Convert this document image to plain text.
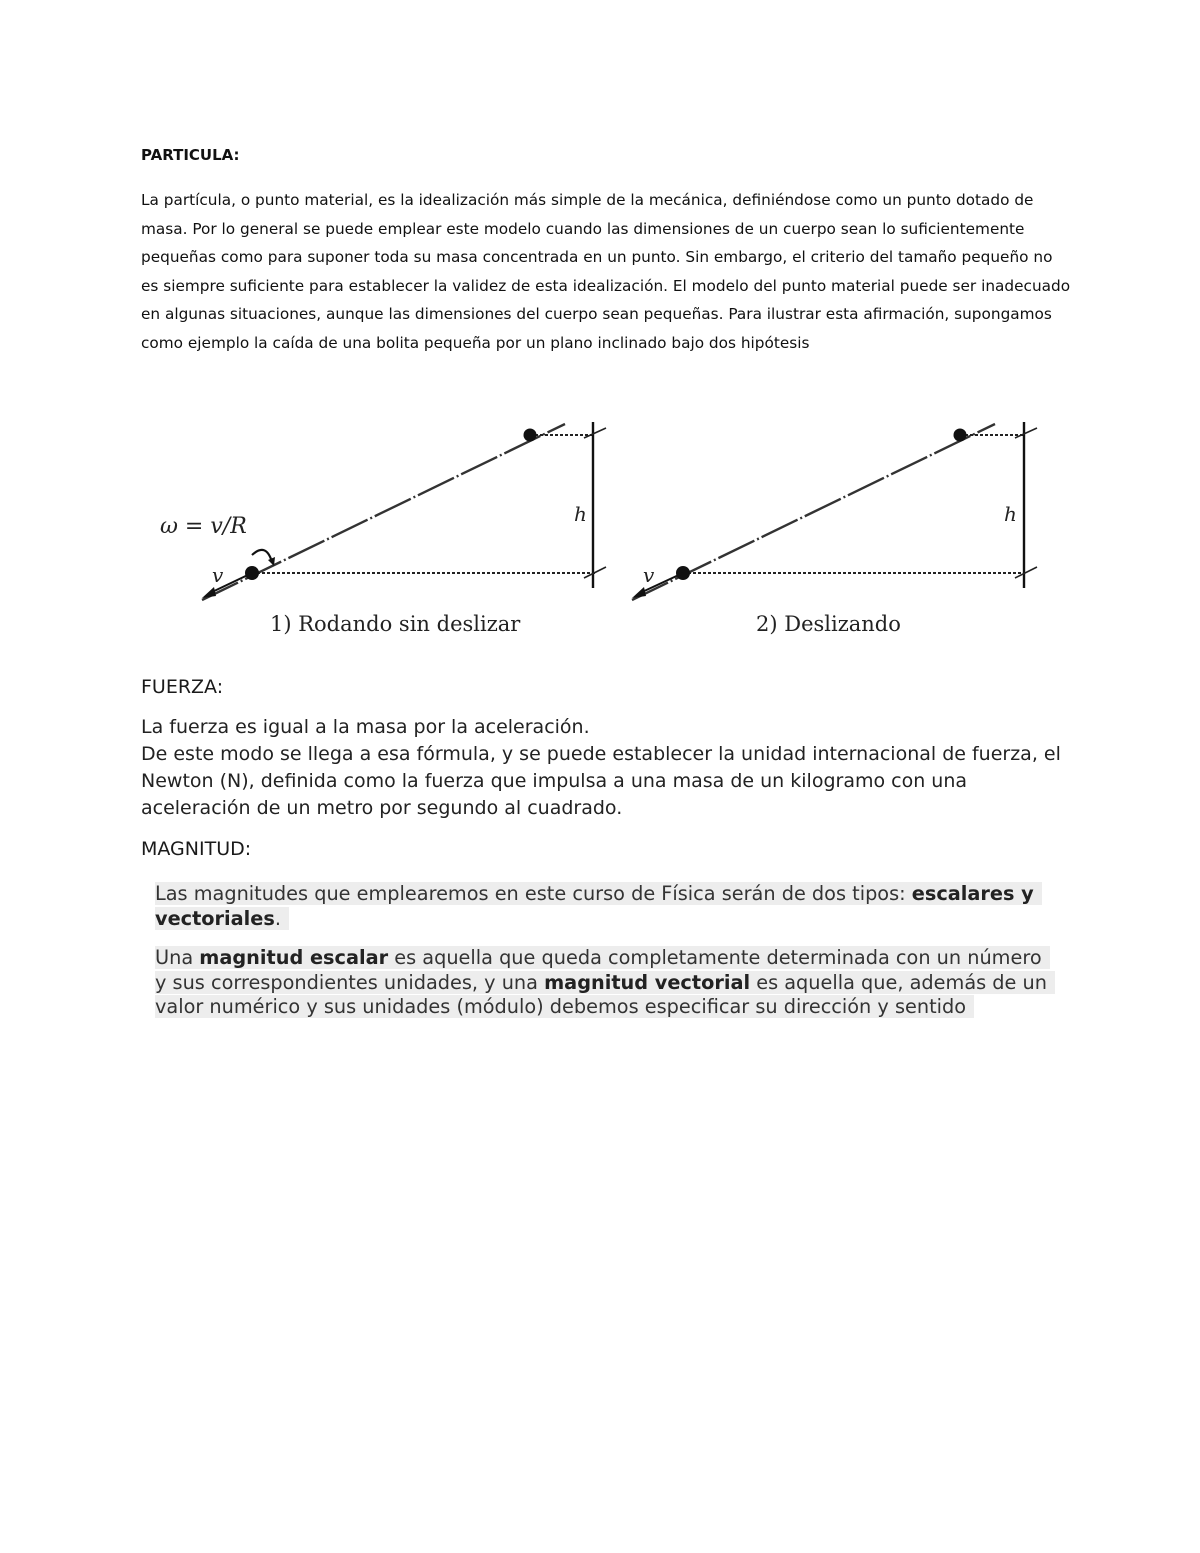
PARTICULA:
La partícula, o punto material, es la idealización más simple de la mecánica, definiéndose como un punto dotado de masa. Por lo general se puede emplear este modelo cuando las dimensiones de un cuerpo sean lo suficientemente pequeñas como para suponer toda su masa concentrada en un punto. Sin embargo, el criterio del tamaño pequeño no es siempre suficiente para establecer la validez de esta idealización. El modelo del punto material puede ser inadecuado en algunas situaciones, aunque las dimensiones del cuerpo sean pequeñas. Para ilustrar esta afirmación, supongamos como ejemplo la caída de una bolita pequeña por un plano inclinado bajo dos hipótesis
ω = v/R
v
h
1) Rodando sin deslizar
v
h
2) Deslizando
FUERZA:
La fuerza es igual a la masa por la aceleración.
De este modo se llega a esa fórmula, y se puede establecer la unidad internacional de fuerza, el Newton (N), definida como la fuerza que impulsa a una masa de un kilogramo con una aceleración de un metro por segundo al cuadrado.
MAGNITUD:
Las magnitudes que emplearemos en este curso de Física serán de dos tipos: escalares y vectoriales.
Una magnitud escalar es aquella que queda completamente determinada con un número y sus correspondientes unidades, y una magnitud vectorial es aquella que, además de un valor numérico y sus unidades (módulo) debemos especificar su dirección y sentido
